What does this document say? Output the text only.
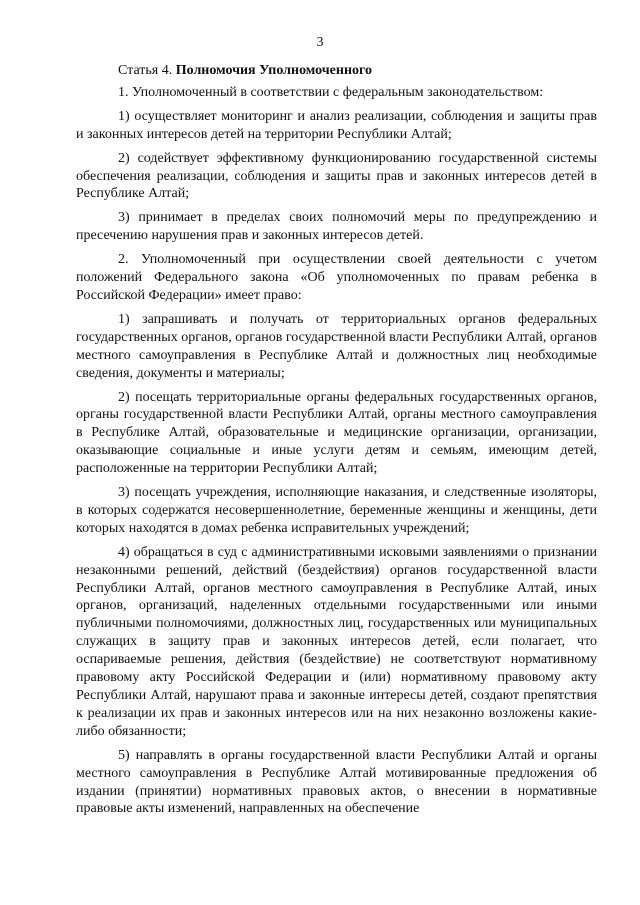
3
Статья 4. Полномочия Уполномоченного

1. Уполномоченный в соответствии с федеральным законодательством:

1) осуществляет мониторинг и анализ реализации, соблюдения и защиты прав и законных интересов детей на территории Республики Алтай;

2) содействует эффективному функционированию государственной системы обеспечения реализации, соблюдения и защиты прав и законных интересов детей в Республике Алтай;

3) принимает в пределах своих полномочий меры по предупреждению и пресечению нарушения прав и законных интересов детей.

2. Уполномоченный при осуществлении своей деятельности с учетом положений Федерального закона «Об уполномоченных по правам ребенка в Российской Федерации» имеет право:

1) запрашивать и получать от территориальных органов федеральных государственных органов, органов государственной власти Республики Алтай, органов местного самоуправления в Республике Алтай и должностных лиц необходимые сведения, документы и материалы;

2) посещать территориальные органы федеральных государственных органов, органы государственной власти Республики Алтай, органы местного самоуправления в Республике Алтай, образовательные и медицинские организации, организации, оказывающие социальные и иные услуги детям и семьям, имеющим детей, расположенные на территории Республики Алтай;

3) посещать учреждения, исполняющие наказания, и следственные изоляторы, в которых содержатся несовершеннолетние, беременные женщины и женщины, дети которых находятся в домах ребенка исправительных учреждений;

4) обращаться в суд с административными исковыми заявлениями о признании незаконными решений, действий (бездействия) органов государственной власти Республики Алтай, органов местного самоуправления в Республике Алтай, иных органов, организаций, наделенных отдельными государственными или иными публичными полномочиями, должностных лиц, государственных или муниципальных служащих в защиту прав и законных интересов детей, если полагает, что оспариваемые решения, действия (бездействие) не соответствуют нормативному правовому акту Российской Федерации и (или) нормативному правовому акту Республики Алтай, нарушают права и законные интересы детей, создают препятствия к реализации их прав и законных интересов или на них незаконно возложены какие-либо обязанности;

5) направлять в органы государственной власти Республики Алтай и органы местного самоуправления в Республике Алтай мотивированные предложения об издании (принятии) нормативных правовых актов, о внесении в нормативные правовые акты изменений, направленных на обеспечение
